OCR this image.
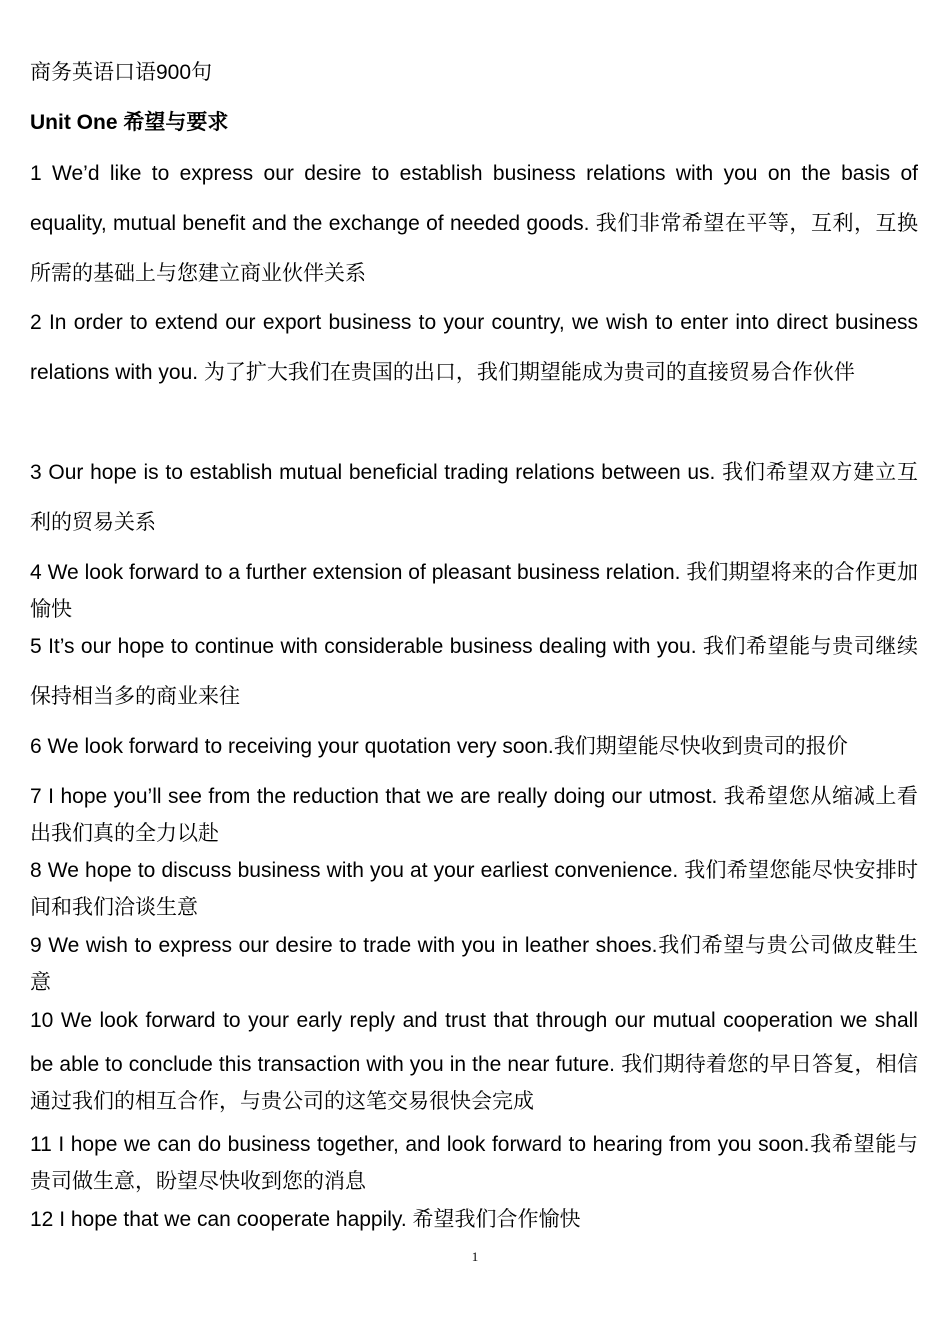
商务英语口语900句
Unit One 希望与要求

1 We’d like to express our desire to establish business relations with you on the basis of equality, mutual benefit and the exchange of needed goods. 我们非常希望在平等，互利，互换所需的基础上与您建立商业伙伴关系

2 In order to extend our export business to your country, we wish to enter into direct business relations with you. 为了扩大我们在贵国的出口，我们期望能成为贵司的直接贸易合作伙伴

3 Our hope is to establish mutual beneficial trading relations between us. 我们希望双方建立互利的贸易关系

4 We look forward to a further extension of pleasant business relation. 我们期望将来的合作更加愉快

5 It’s our hope to continue with considerable business dealing with you. 我们希望能与贵司继续保持相当多的商业来往

6 We look forward to receiving your quotation very soon.我们期望能尽快收到贵司的报价

7 I hope you’ll see from the reduction that we are really doing our utmost. 我希望您从缩减上看出我们真的全力以赴

8 We hope to discuss business with you at your earliest convenience. 我们希望您能尽快安排时间和我们洽谈生意

9 We wish to express our desire to trade with you in leather shoes.我们希望与贵公司做皮鞋生意

10 We look forward to your early reply and trust that through our mutual cooperation we shall be able to conclude this transaction with you in the near future. 我们期待着您的早日答复，相信通过我们的相互合作，与贵公司的这笔交易很快会完成

11 I hope we can do business together, and look forward to hearing from you soon.我希望能与贵司做生意，盼望尽快收到您的消息

12 I hope that we can cooperate happily. 希望我们合作愉快

1
